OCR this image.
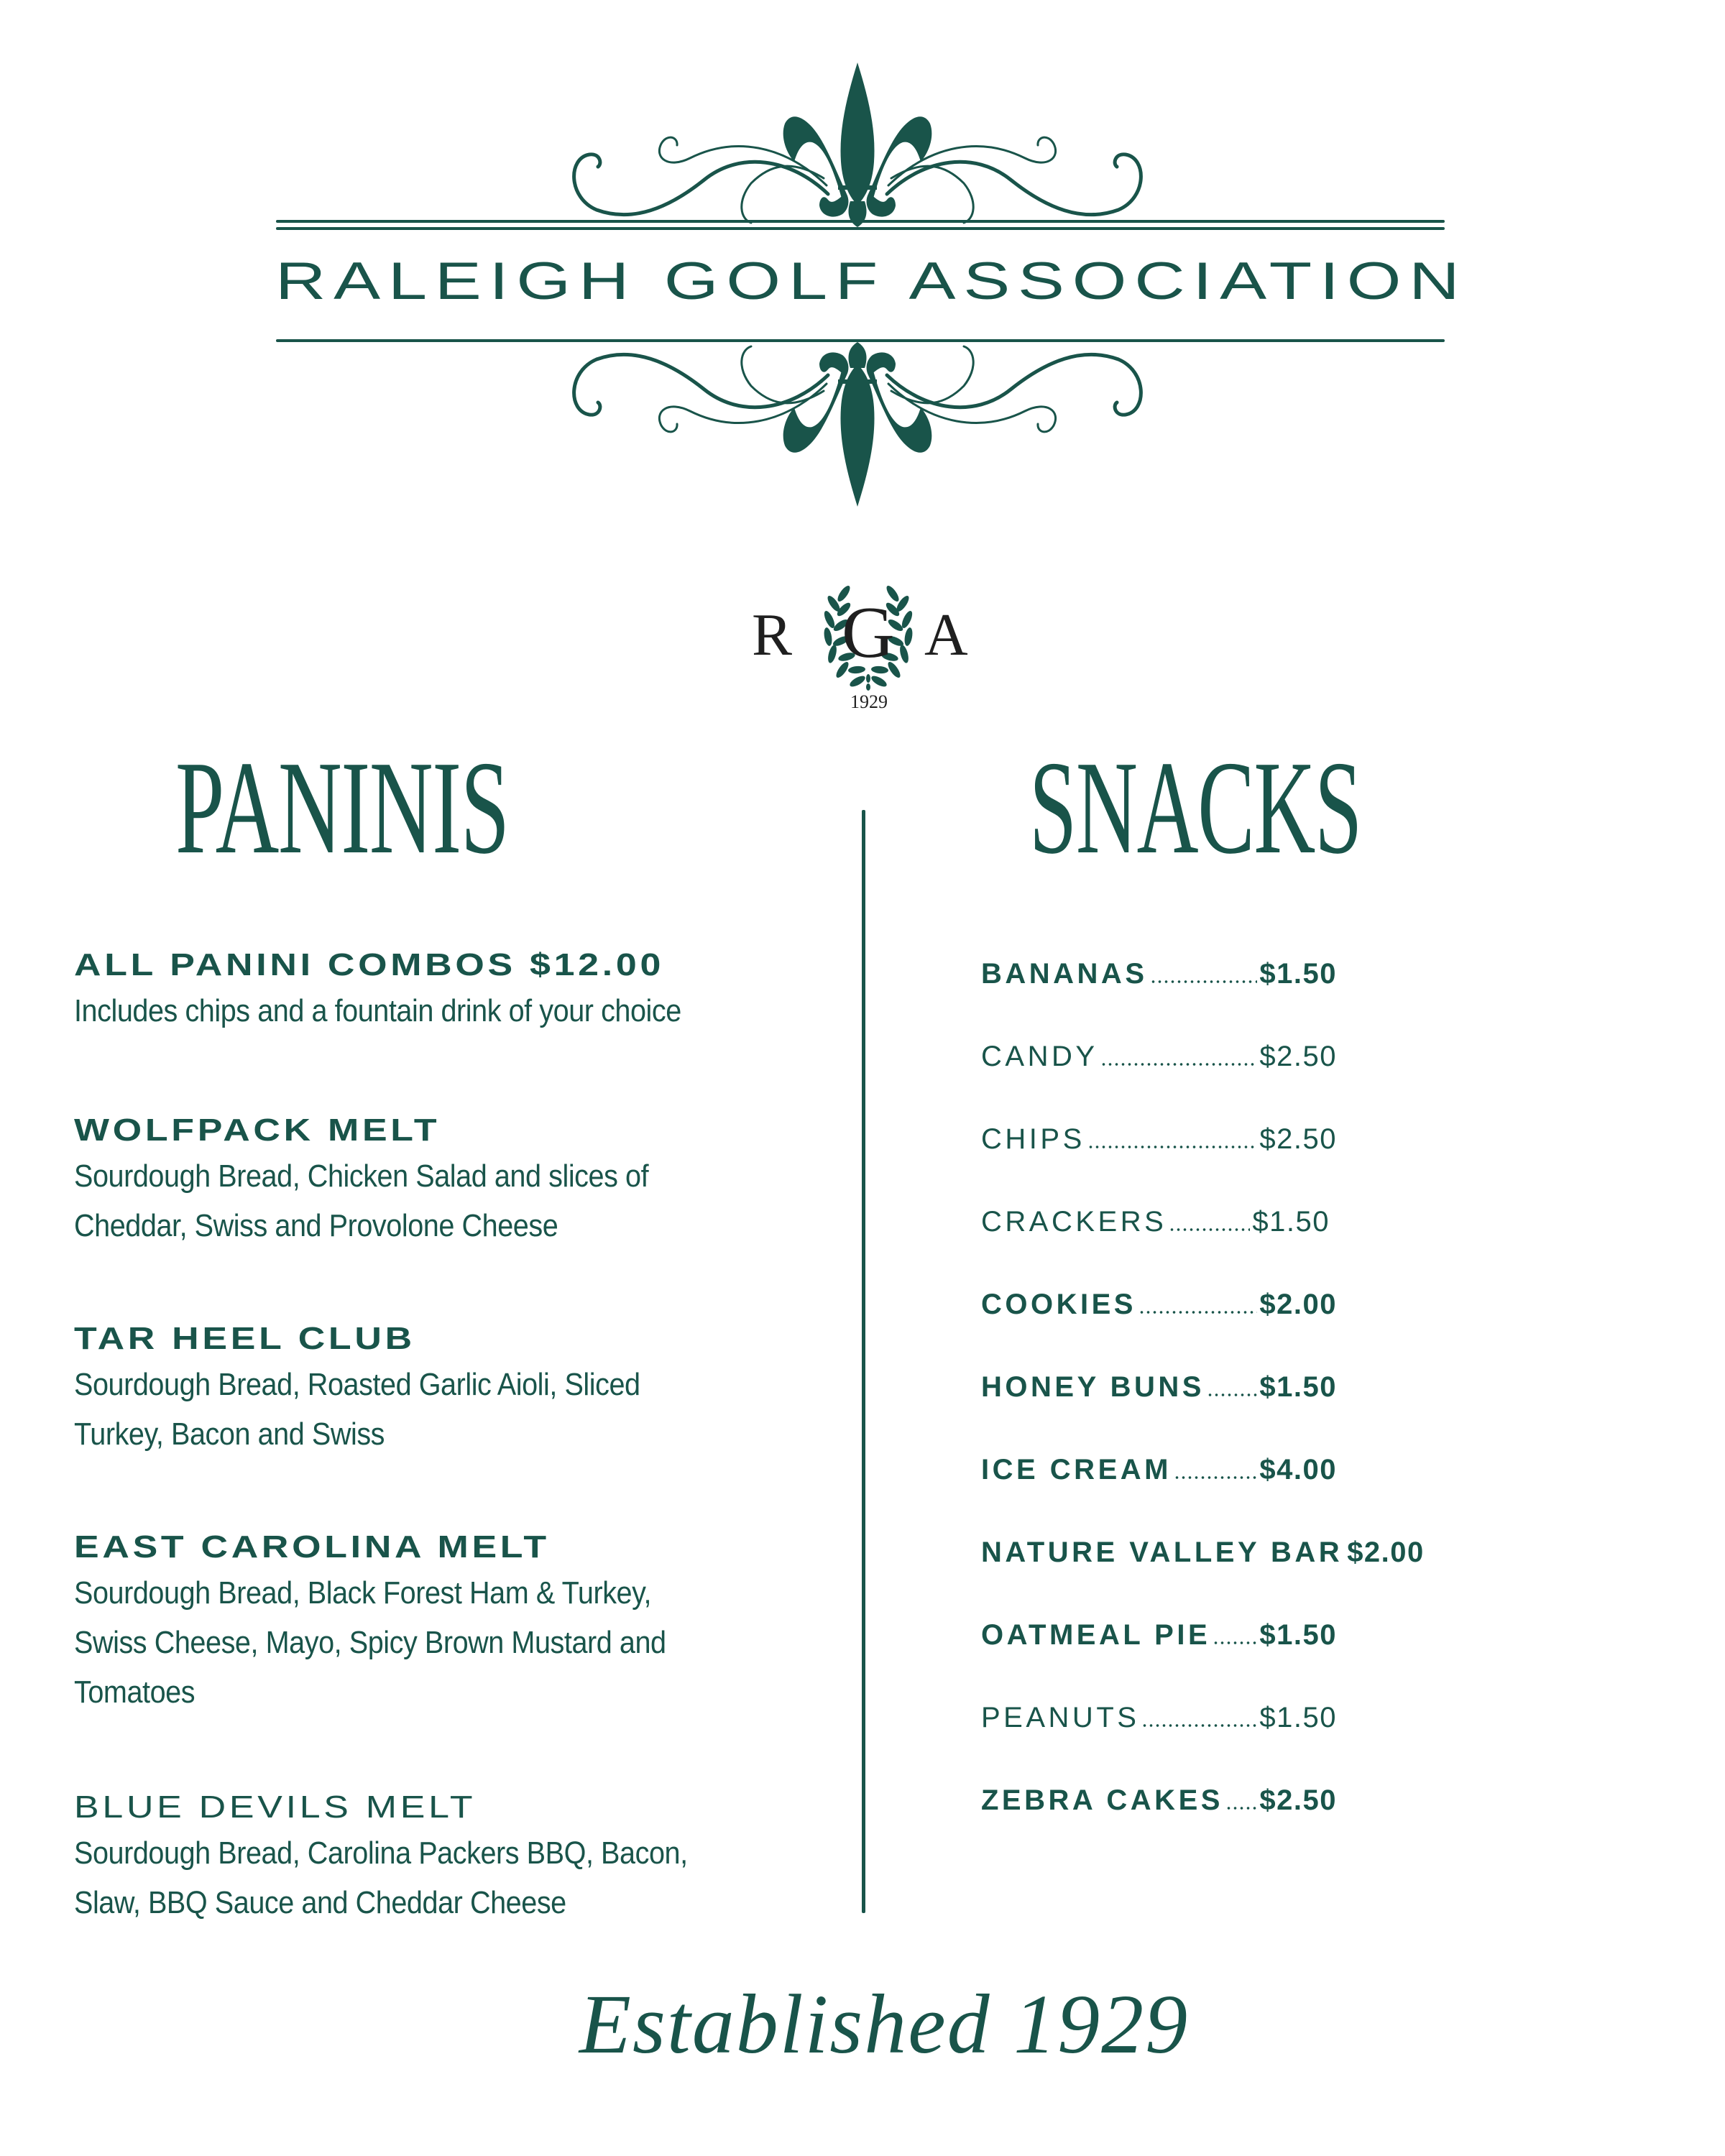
RALEIGH GOLF ASSOCIATION
R G A
1929
PANINIS	SNACKS
ALL PANINI COMBOS $12.00
Includes chips and a fountain drink of your choice
WOLFPACK MELT
Sourdough Bread, Chicken Salad and slices of
Cheddar, Swiss and Provolone Cheese
TAR HEEL CLUB
Sourdough Bread, Roasted Garlic Aioli, Sliced
Turkey, Bacon and Swiss
EAST CAROLINA MELT
Sourdough Bread, Black Forest Ham & Turkey,
Swiss Cheese, Mayo, Spicy Brown Mustard and
Tomatoes
BLUE DEVILS MELT
Sourdough Bread, Carolina Packers BBQ, Bacon,
Slaw, BBQ Sauce and Cheddar Cheese
BANANAS	$1.50
CANDY	$2.50
CHIPS	$2.50
CRACKERS	$1.50
COOKIES	$2.00
HONEY BUNS $1.50
ICE CREAM	$4.00
NATURE VALLEY BAR $2.00
OATMEAL PIE $1.50
PEANUTS	$1.50
ZEBRA CAKES $2.50
Established 1929
